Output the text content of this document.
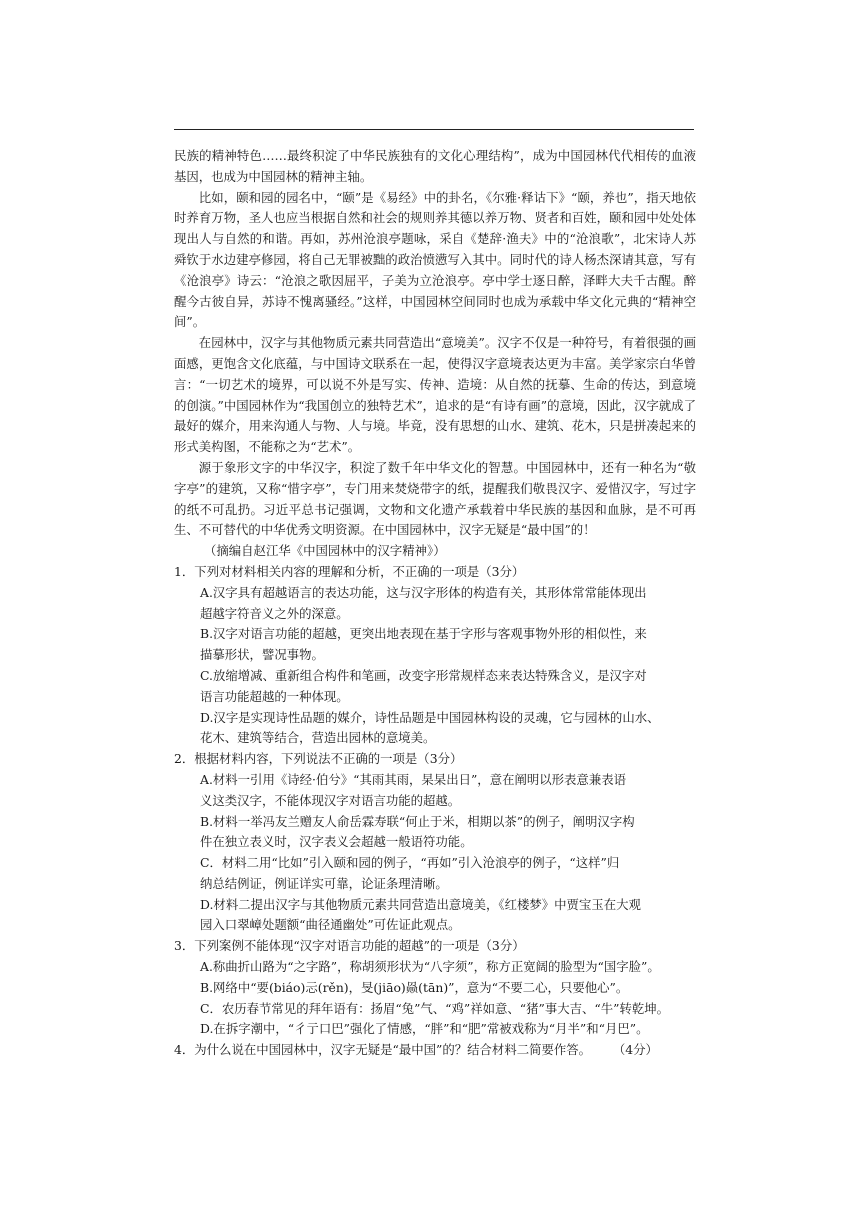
民族的精神特色……最终积淀了中华民族独有的文化心理结构”，成为中国园林代代相传的血液基因，也成为中国园林的精神主轴。

比如，颐和园的园名中，“颐”是《易经》中的卦名，《尔雅·释诂下》“颐，养也”，指天地依时养育万物，圣人也应当根据自然和社会的规则养其德以养万物、贤者和百姓，颐和园中处处体现出人与自然的和谐。再如，苏州沧浪亭题咏，采自《楚辞·渔夫》中的“沧浪歌”，北宋诗人苏舜钦于水边建亭修园，将自己无罪被黜的政治愤懑写入其中。同时代的诗人杨杰深请其意，写有《沧浪亭》诗云：“沧浪之歌因屈平，子美为立沧浪亭。亭中学士逐日醉，泽畔大夫千古醒。醉醒今古彼自异，苏诗不愧离骚经。”这样，中国园林空间同时也成为承载中华文化元典的“精神空间”。

在园林中，汉字与其他物质元素共同营造出“意境美”。汉字不仅是一种符号，有着很强的画面感，更饱含文化底蕴，与中国诗文联系在一起，使得汉字意境表达更为丰富。美学家宗白华曾言：“一切艺术的境界，可以说不外是写实、传神、造境：从自然的抚摹、生命的传达，到意境的创演。”中国园林作为“我国创立的独特艺术”，追求的是“有诗有画”的意境，因此，汉字就成了最好的媒介，用来沟通人与物、人与境。毕竟，没有思想的山水、建筑、花木，只是拼凑起来的形式美构图，不能称之为“艺术”。

源于象形文字的中华汉字，积淀了数千年中华文化的智慧。中国园林中，还有一种名为“敬字亭”的建筑，又称“惜字亭”，专门用来焚烧带字的纸，提醒我们敬畏汉字、爱惜汉字，写过字的纸不可乱扔。习近平总书记强调，文物和文化遗产承载着中华民族的基因和血脉，是不可再生、不可替代的中华优秀文明资源。在中国园林中，汉字无疑是“最中国”的！

（摘编自赵江华《中国园林中的汉字精神》）

1．下列对材料相关内容的理解和分析，不正确的一项是（3分）
A.汉字具有超越语言的表达功能，这与汉字形体的构造有关，其形体常常能体现出
超越字符音义之外的深意。
B.汉字对语言功能的超越，更突出地表现在基于字形与客观事物外形的相似性，来
描摹形状，譬况事物。
C.放缩增减、重新组合构件和笔画，改变字形常规样态来表达特殊含义，是汉字对
语言功能超越的一种体现。
D.汉字是实现诗性品题的媒介，诗性品题是中国园林构设的灵魂，它与园林的山水、
花木、建筑等结合，营造出园林的意境美。
2．根据材料内容，下列说法不正确的一项是（3分）
A.材料一引用《诗经·伯兮》“其雨其雨，杲杲出日”，意在阐明以形表意兼表语
义这类汉字，不能体现汉字对语言功能的超越。
B.材料一举冯友兰赠友人俞岳霖寿联“何止于米，相期以茶”的例子，阐明汉字构
件在独立表义时，汉字表义会超越一般语符功能。
C．材料二用“比如”引入颐和园的例子，“再如”引入沧浪亭的例子，“这样”归
纳总结例证，例证详实可靠，论证条理清晰。
D.材料二提出汉字与其他物质元素共同营造出意境美，《红楼梦》中贾宝玉在大观
园入口翠嶂处题额“曲径通幽处”可佐证此观点。
3．下列案例不能体现“汉字对语言功能的超越”的一项是（3分）
A.称曲折山路为“之字路”，称胡须形状为“八字须”，称方正宽阔的脸型为“国字脸”。
B.网络中“要(biáo)忈(rěn)，旻(jiāo)赑(tān)”，意为“不要二心，只要他心”。
C．农历春节常见的拜年语有：扬眉“兔”气、“鸡”祥如意、“猪”事大吉、“牛”转乾坤。
D.在拆字潮中，“彳亍口巴”强化了情感，“胖”和“肥”常被戏称为“月半”和“月巴”。
4．为什么说在中国园林中，汉字无疑是“最中国”的？结合材料二简要作答。 （4分）
